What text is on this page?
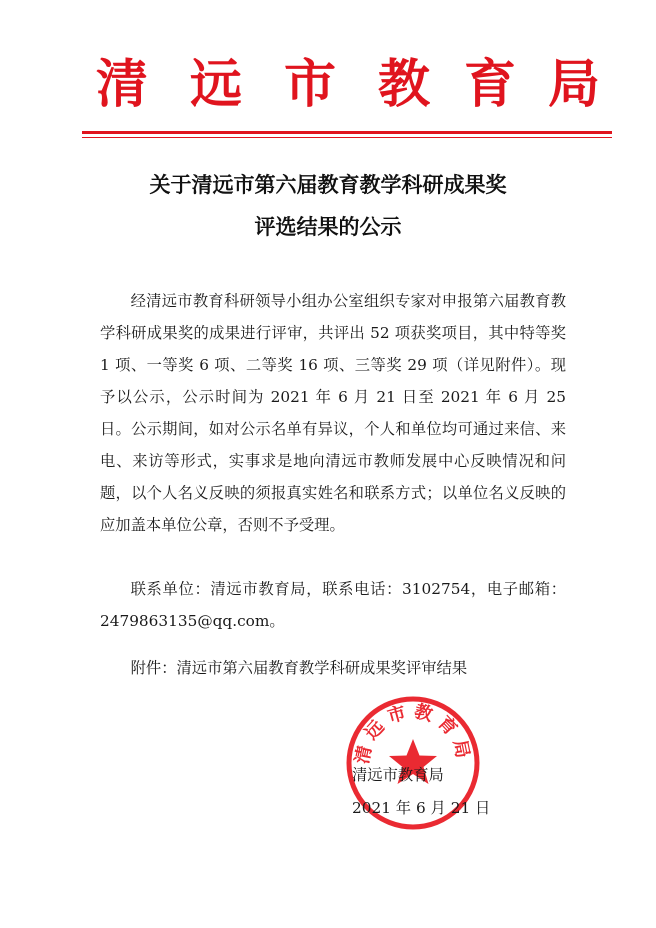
清 远 市 教 育 局
关于清远市第六届教育教学科研成果奖
评选结果的公示

经清远市教育科研领导小组办公室组织专家对申报第六届教育教学科研成果奖的成果进行评审，共评出 52 项获奖项目，其中特等奖 1 项、一等奖 6 项、二等奖 16 项、三等奖 29 项（详见附件）。现予以公示，公示时间为 2021 年 6 月 21 日至 2021 年 6 月 25 日。公示期间，如对公示名单有异议，个人和单位均可通过来信、来电、来访等形式，实事求是地向清远市教师发展中心反映情况和问题，以个人名义反映的须报真实姓名和联系方式；以单位名义反映的应加盖本单位公章，否则不予受理。

联系单位：清远市教育局，联系电话：3102754，电子邮箱：2479863135@qq.com。

附件：清远市第六届教育教学科研成果奖评审结果

清远市教育局
清远市教育局
2021 年 6 月 21 日
